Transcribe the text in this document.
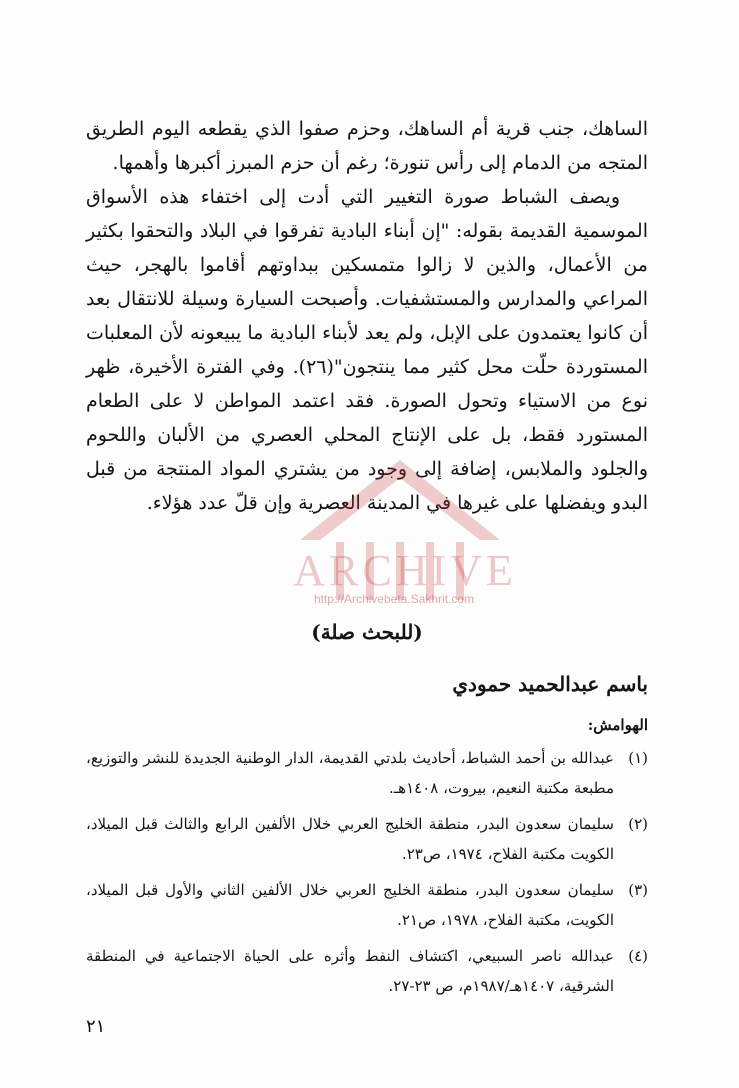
الساهك، جنب قرية أم الساهك، وحزم صفوا الذي يقطعه اليوم الطريق المتجه من الدمام إلى رأس تنورة؛ رغم أن حزم المبرز أكبرها وأهمها.

ويصف الشباط صورة التغيير التي أدت إلى اختفاء هذه الأسواق الموسمية القديمة بقوله: "إن أبناء البادية تفرقوا في البلاد والتحقوا بكثير من الأعمال، والذين لا زالوا متمسكين ببداوتهم أقاموا بالهجر، حيث المراعي والمدارس والمستشفيات. وأصبحت السيارة وسيلة للانتقال بعد أن كانوا يعتمدون على الإبل، ولم يعد لأبناء البادية ما يبيعونه لأن المعلبات المستوردة حلّت محل كثير مما ينتجون"(٢٦). وفي الفترة الأخيرة، ظهر نوع من الاستياء وتحول الصورة. فقد اعتمد المواطن لا على الطعام المستورد فقط، بل على الإنتاج المحلي العصري من الألبان واللحوم والجلود والملابس، إضافة إلى وجود من يشتري المواد المنتجة من قبل البدو ويفضلها على غيرها في المدينة العصرية وإن قلّ عدد هؤلاء.

ARCHIVE
http://Archivebeta.Sakhrit.com
(للبحث صلة)
باسم عبدالحميد حمودي
الهوامش:
(١)
عبدالله بن أحمد الشباط، أحاديث بلدتي القديمة، الدار الوطنية الجديدة للنشر والتوزيع، مطبعة مكتبة النعيم، بيروت، ١٤٠٨هـ.
(٢)
سليمان سعدون البدر، منطقة الخليج العربي خلال الألفين الرابع والثالث قبل الميلاد، الكويت مكتبة الفلاح، ١٩٧٤، ص٢٣.
(٣)
سليمان سعدون البدر، منطقة الخليج العربي خلال الألفين الثاني والأول قبل الميلاد، الكويت، مكتبة الفلاح، ١٩٧٨، ص٢١.
(٤)
عبدالله ناصر السبيعي، اكتشاف النفط وأثره على الحياة الاجتماعية في المنطقة الشرقية، ١٤٠٧هـ/١٩٨٧م، ص ٢٣-٢٧.
٢١
